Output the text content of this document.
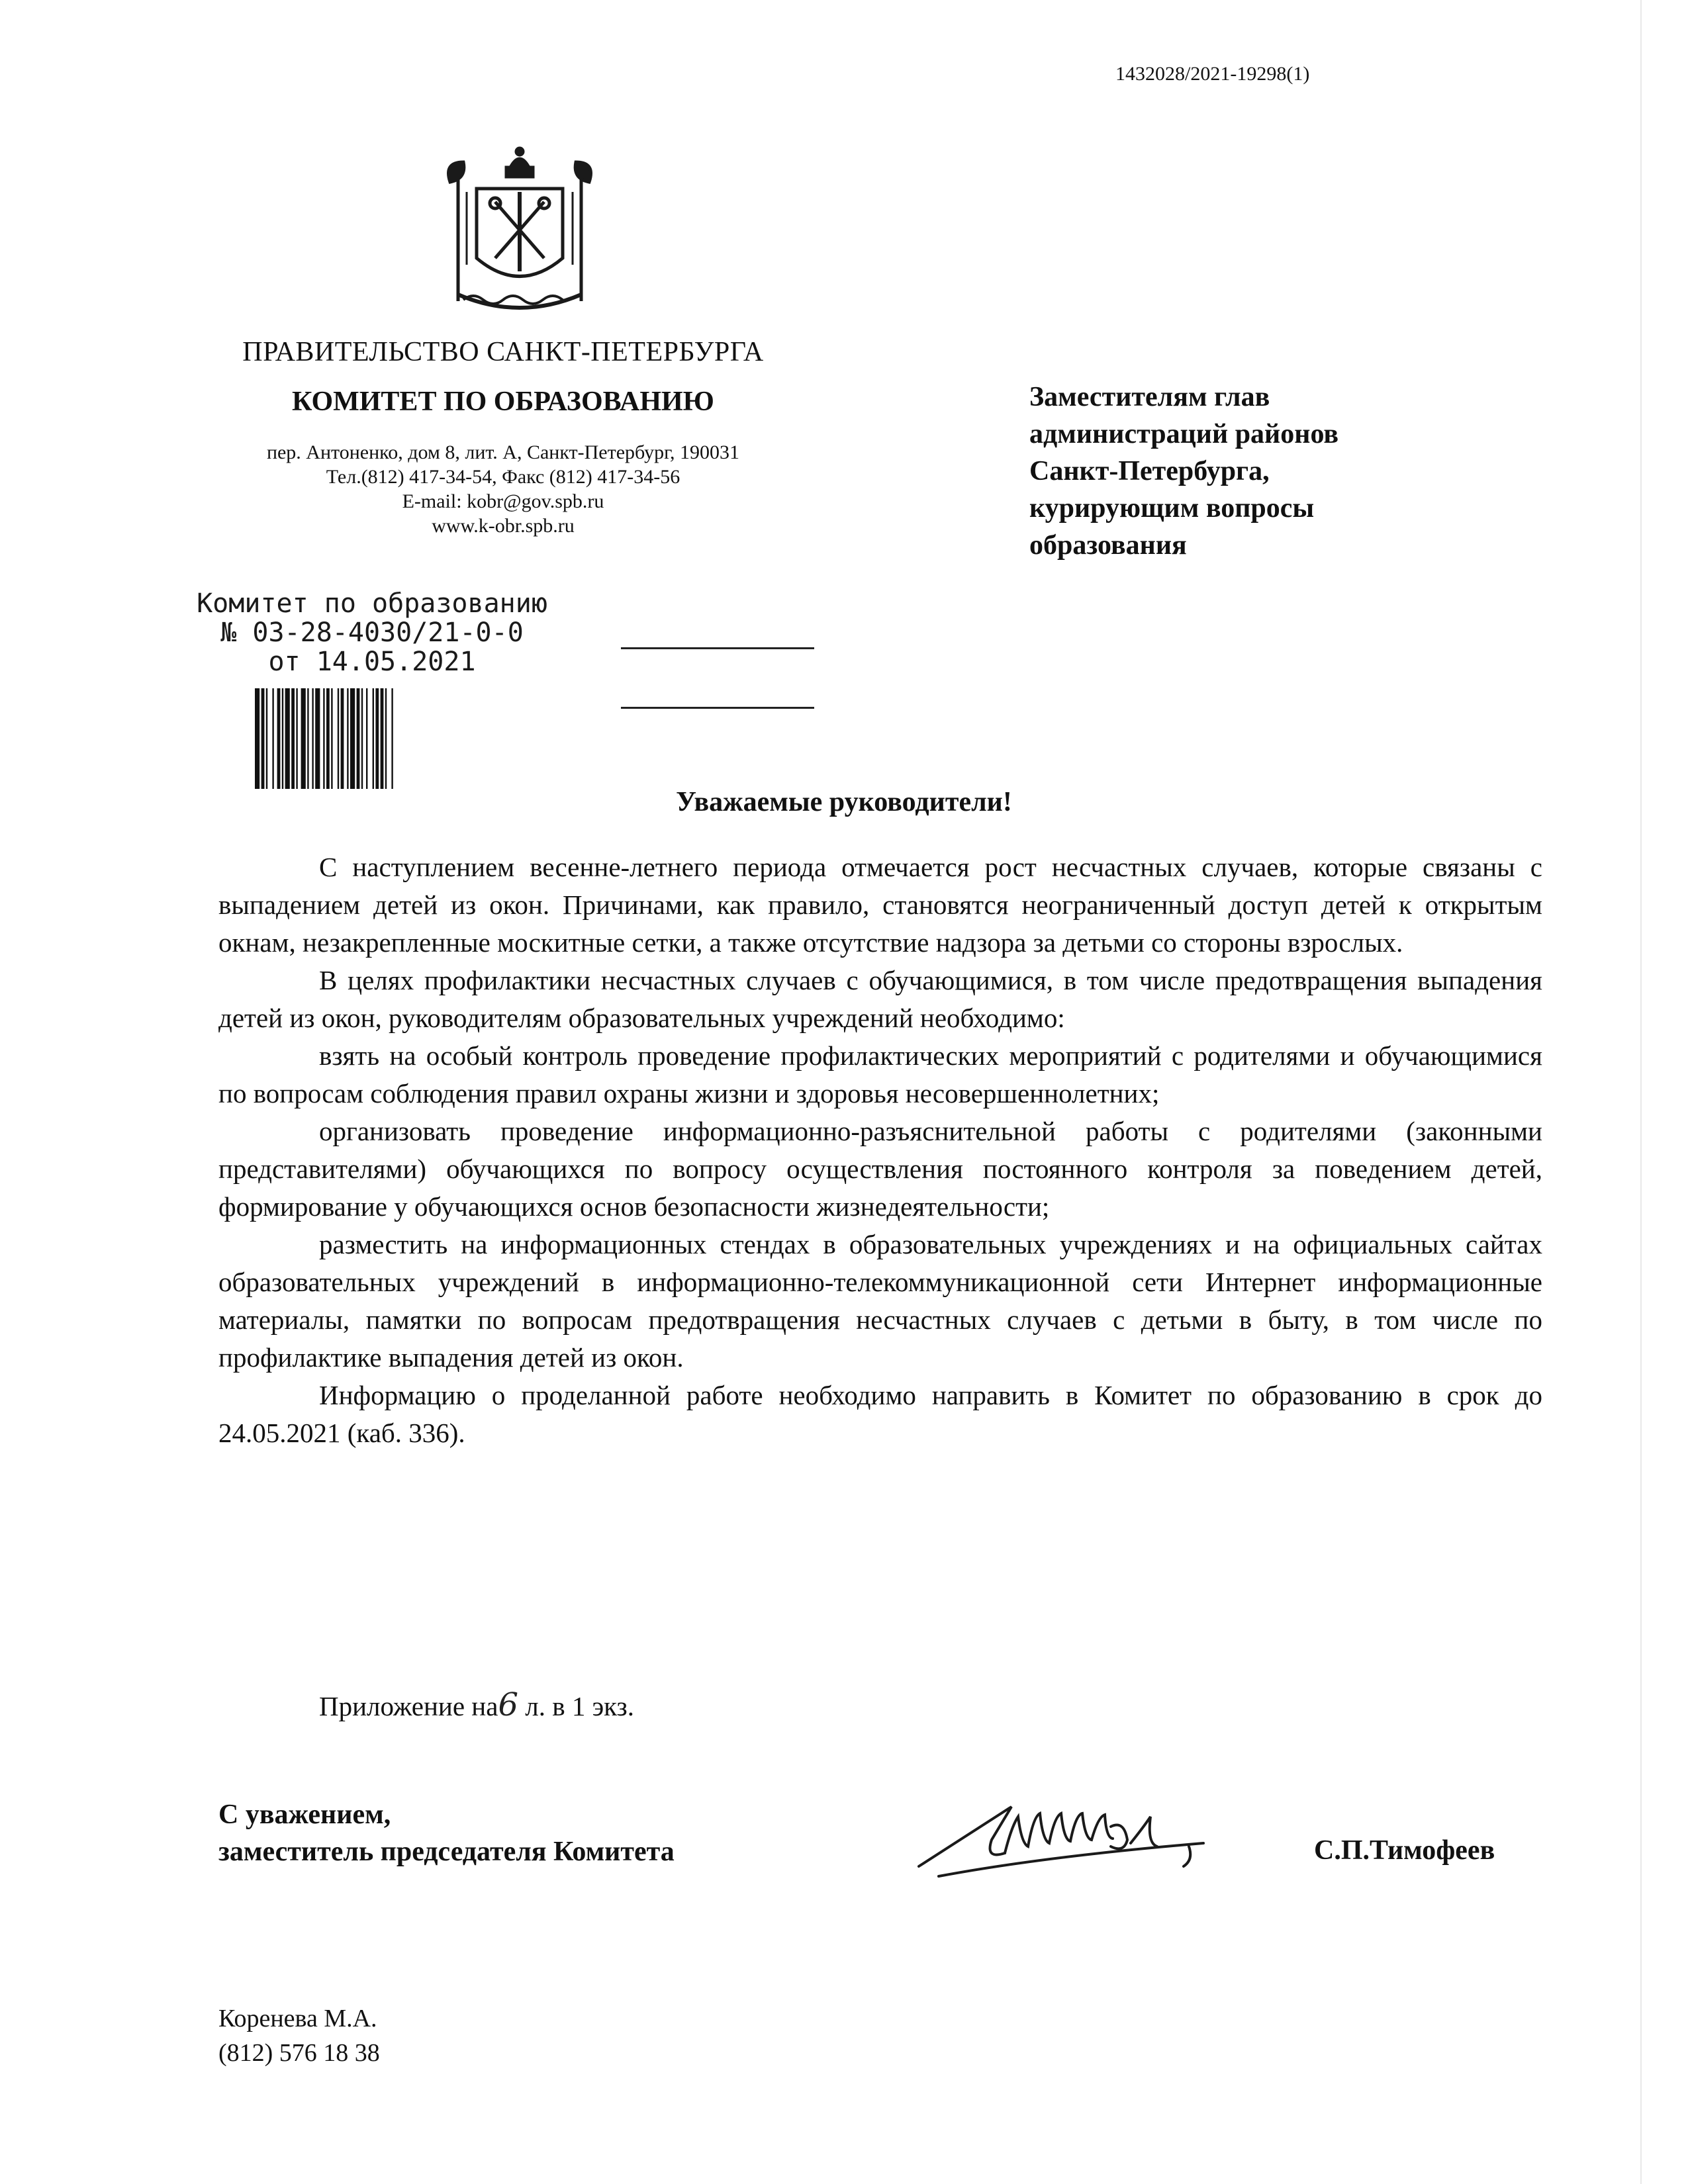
1432028/2021-19298(1)
ПРАВИТЕЛЬСТВО САНКТ-ПЕТЕРБУРГА
КОМИТЕТ ПО ОБРАЗОВАНИЮ
пер. Антоненко, дом 8, лит. А, Санкт-Петербург, 190031
Тел.(812) 417-34-54, Факс (812) 417-34-56
E-mail: kobr@gov.spb.ru
www.k-obr.spb.ru
Заместителям глав
администраций районов
Санкт-Петербурга,
курирующим вопросы
образования
Комитет по образованию
№ 03-28-4030/21-0-0
от 14.05.2021
Уважаемые руководители!

С наступлением весенне-летнего периода отмечается рост несчастных случаев, которые связаны с выпадением детей из окон. Причинами, как правило, становятся неограниченный доступ детей к открытым окнам, незакрепленные москитные сетки, а также отсутствие надзора за детьми со стороны взрослых.

В целях профилактики несчастных случаев с обучающимися, в том числе предотвращения выпадения детей из окон, руководителям образовательных учреждений необходимо:

взять на особый контроль проведение профилактических мероприятий с родителями и обучающимися по вопросам соблюдения правил охраны жизни и здоровья несовершеннолетних;

организовать проведение информационно-разъяснительной работы с родителями (законными представителями) обучающихся по вопросу осуществления постоянного контроля за поведением детей, формирование у обучающихся основ безопасности жизнедеятельности;

разместить на информационных стендах в образовательных учреждениях и на официальных сайтах образовательных учреждений в информационно-телекоммуникационной сети Интернет информационные материалы, памятки по вопросам предотвращения несчастных случаев с детьми в быту, в том числе по профилактике выпадения детей из окон.

Информацию о проделанной работе необходимо направить в Комитет по образованию в срок до 24.05.2021 (каб. 336).

Приложение на6 л. в 1 экз.
С уважением,
заместитель председателя Комитета	С.П.Тимофеев
Коренева М.А.
(812) 576 18 38
